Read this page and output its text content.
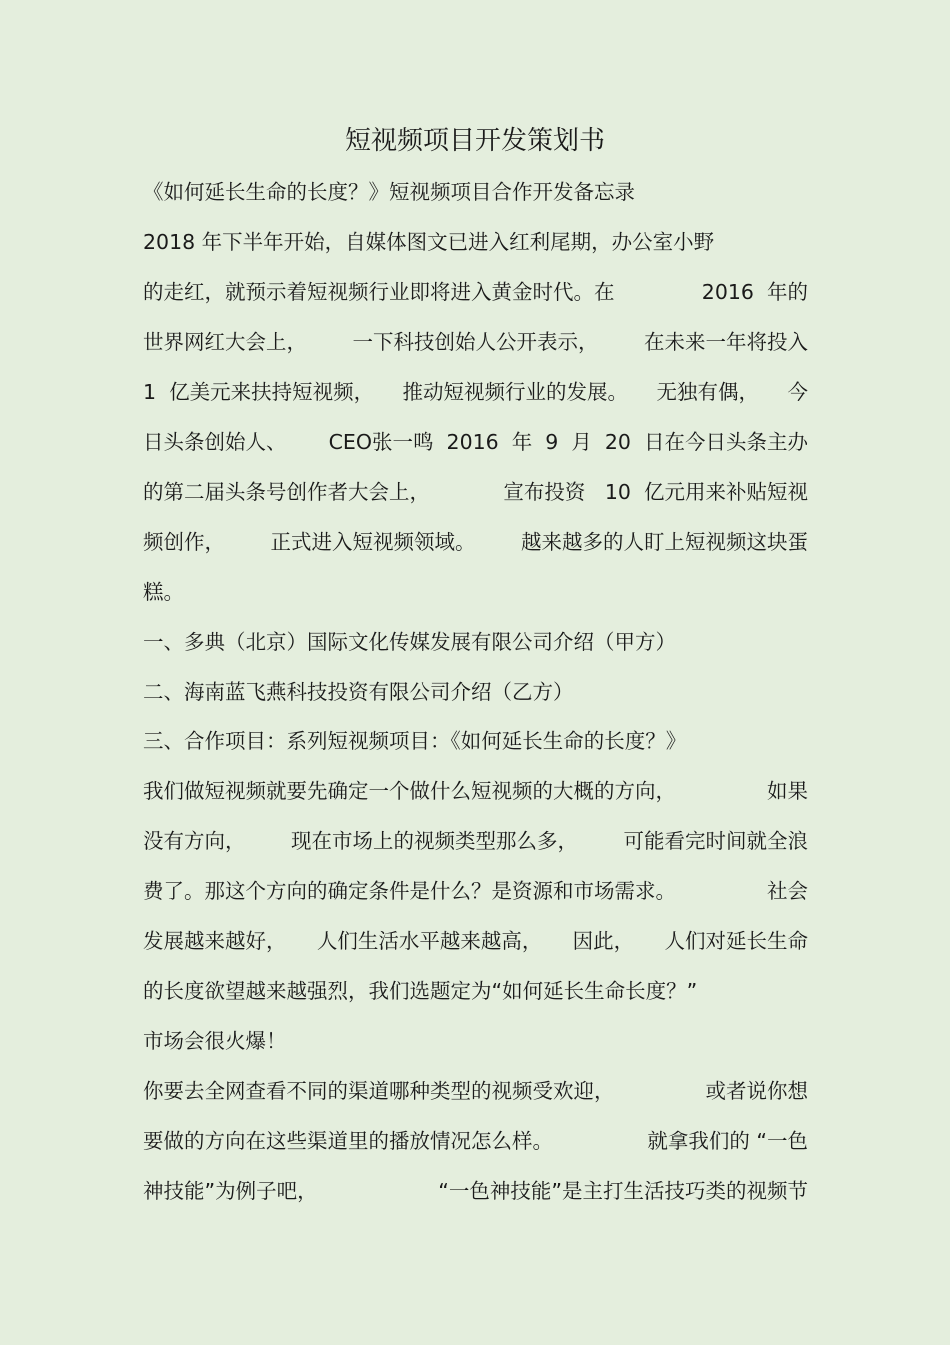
短视频项目开发策划书
《如何延长生命的长度？》短视频项目合作开发备忘录
2018 年下半年开始，自媒体图文已进入红利尾期，办公室小野
的走红，就预示着短视频行业即将进入黄金时代。在	2016  年的
世界网红大会上， 一下科技创始人公开表示， 在未来一年将投入
1  亿美元来扶持短视频， 推动短视频行业的发展。 无独有偶， 今
日头条创始人、 CEO张一鸣  2016  年  9  月  20  日在今日头条主办
的第二届头条号创作者大会上，	宣布投资   10  亿元用来补贴短视
频创作， 正式进入短视频领域。 越来越多的人盯上短视频这块蛋
糕。
一、多典（北京）国际文化传媒发展有限公司介绍（甲方）
二、海南蓝飞燕科技投资有限公司介绍（乙方）
三、合作项目：系列短视频项目：《如何延长生命的长度？》
我们做短视频就要先确定一个做什么短视频的大概的方向，	如果
没有方向， 现在市场上的视频类型那么多， 可能看完时间就全浪
费了。那这个方向的确定条件是什么？是资源和市场需求。	社会
发展越来越好， 人们生活水平越来越高， 因此， 人们对延长生命
的长度欲望越来越强烈，我们选题定为“如何延长生命长度？”
市场会很火爆！
你要去全网查看不同的渠道哪种类型的视频受欢迎，	或者说你想
要做的方向在这些渠道里的播放情况怎么样。	就拿我们的 “一色
神技能”为例子吧，	“一色神技能”是主打生活技巧类的视频节
